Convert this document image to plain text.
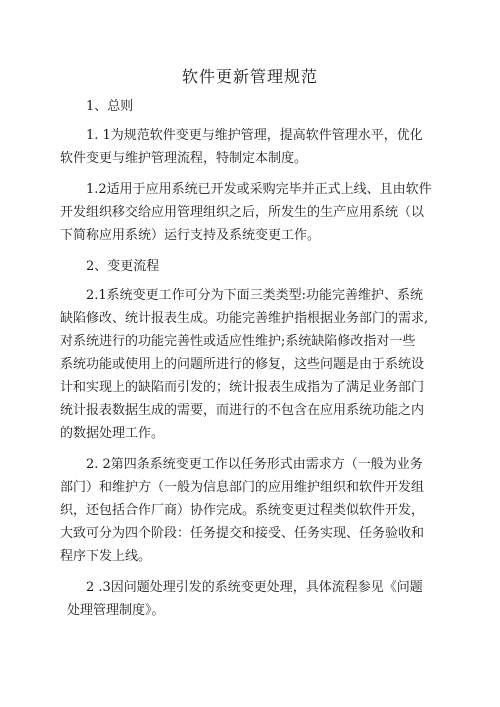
软件更新管理规范
1、总则
1. 1为规范软件变更与维护管理，提高软件管理水平，优化
软件变更与维护管理流程，特制定本制度。
1.2适用于应用系统已开发或采购完毕并正式上线、且由软件
开发组织移交给应用管理组织之后，所发生的生产应用系统（以
下简称应用系统）运行支持及系统变更工作。
2、变更流程
2.1系统变更工作可分为下面三类类型:功能完善维护、系统
缺陷修改、统计报表生成。功能完善维护指根据业务部门的需求,
对系统进行的功能完善性或适应性维护;系统缺陷修改指对一些
系统功能或使用上的问题所进行的修复，这些问题是由于系统设
计和实现上的缺陷而引发的；统计报表生成指为了满足业务部门
统计报表数据生成的需要，而进行的不包含在应用系统功能之内
的数据处理工作。
2. 2第四条系统变更工作以任务形式由需求方（一般为业务
部门）和维护方（一般为信息部门的应用维护组织和软件开发组
织，还包括合作厂商）协作完成。系统变更过程类似软件开发，
大致可分为四个阶段：任务提交和接受、任务实现、任务验收和
程序下发上线。
2 .3因问题处理引发的系统变更处理，具体流程参见《问题
处理管理制度》。
